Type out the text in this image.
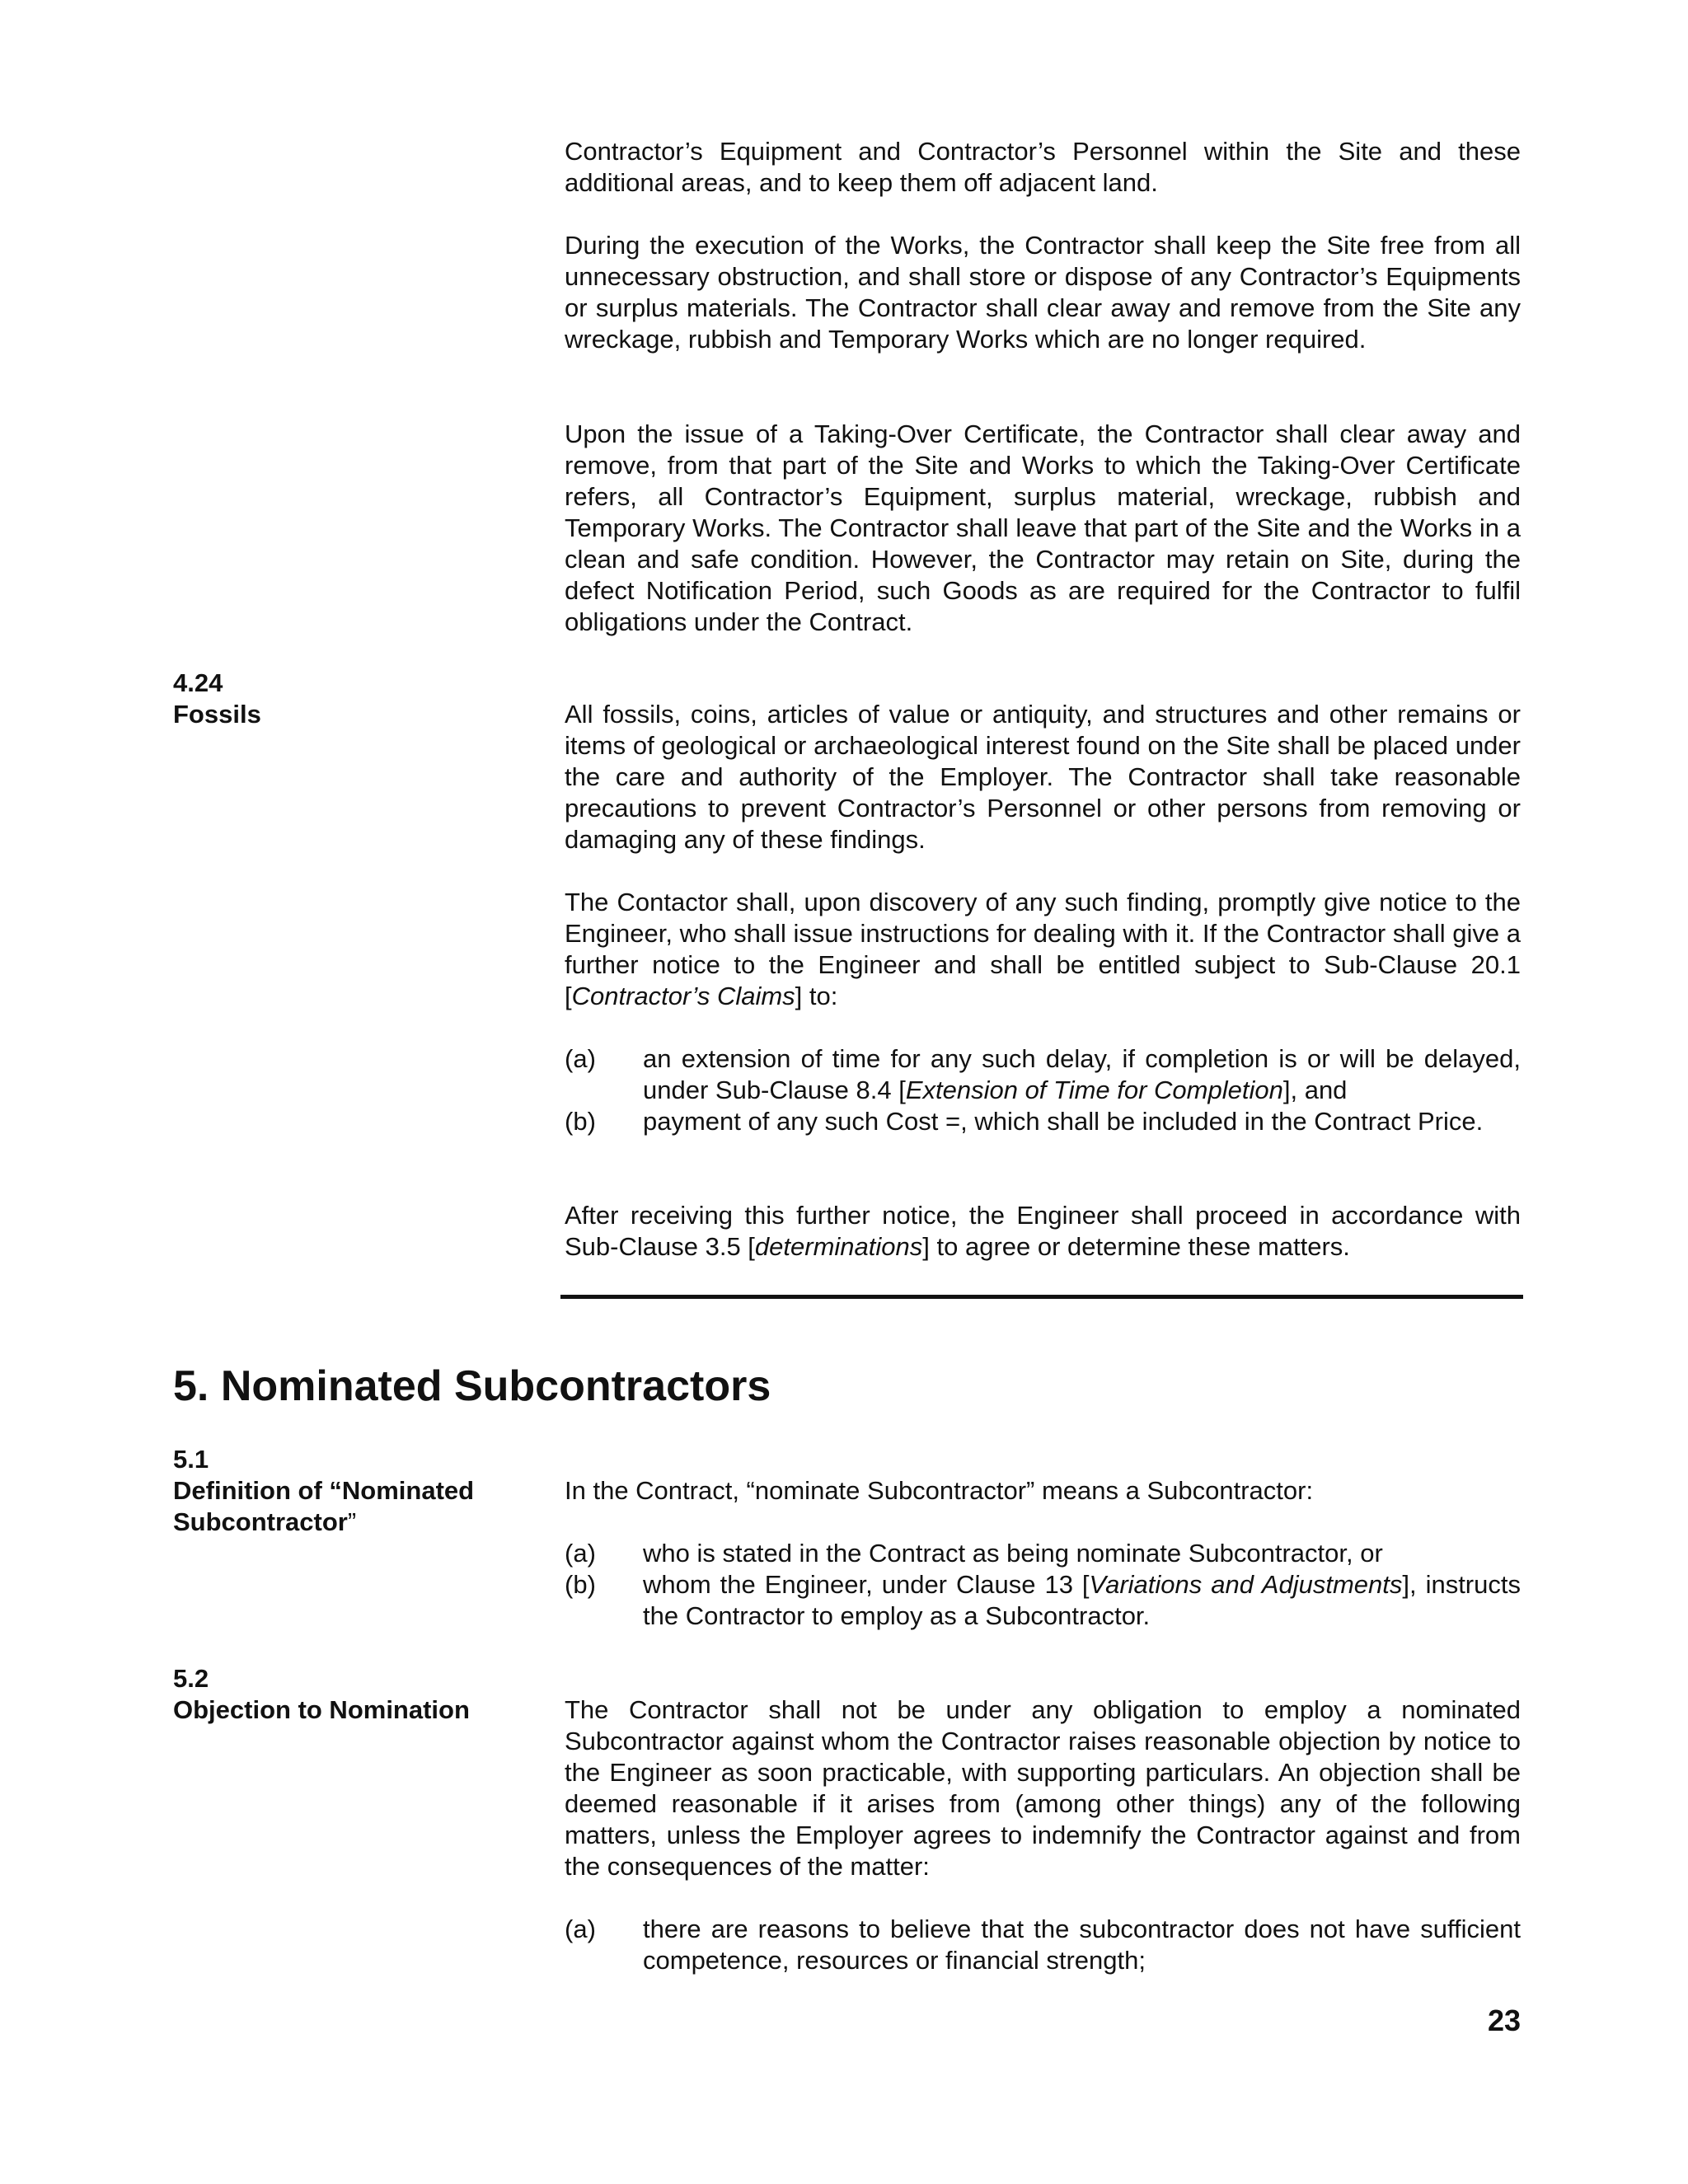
Contractor’s Equipment and Contractor’s Personnel within the Site and these additional areas, and to keep them off adjacent land.

During the execution of the Works, the Contractor shall keep the Site free from all unnecessary obstruction, and shall store or dispose of any Contractor’s Equipments or surplus materials. The Contractor shall clear away and remove from the Site any wreckage, rubbish and Temporary Works which are no longer required.

Upon the issue of a Taking-Over Certificate, the Contractor shall clear away and remove, from that part of the Site and Works to which the Taking-Over Certificate refers, all Contractor’s Equipment, surplus material, wreckage, rubbish and Temporary Works. The Contractor shall leave that part of the Site and the Works in a clean and safe condition. However, the Contractor may retain on Site, during the defect Notification Period, such Goods as are required for the Contractor to fulfil obligations under the Contract.

4.24
Fossils	All fossils, coins, articles of value or antiquity, and structures and other remains or items of geological or archaeological interest found on the Site shall be placed under the care and authority of the Employer. The Contractor shall take reasonable precautions to prevent Contractor’s Personnel or other persons from removing or damaging any of these findings.

The Contactor shall, upon discovery of any such finding, promptly give notice to the Engineer, who shall issue instructions for dealing with it. If the Contractor shall give a further notice to the Engineer and shall be entitled subject to Sub-Clause 20.1 [Contractor’s Claims] to:

(a) an extension of time for any such delay, if completion is or will be delayed, under Sub-Clause 8.4 [Extension of Time for Completion], and
(b) payment of any such Cost =, which shall be included in the Contract Price.

After receiving this further notice, the Engineer shall proceed in accordance with Sub-Clause 3.5 [determinations] to agree or determine these matters.

5. Nominated Subcontractors
5.1
Definition of “Nominated
Subcontractor”

In the Contract, “nominate Subcontractor” means a Subcontractor:

(a) who is stated in the Contract as being nominate Subcontractor, or
(b) whom the Engineer, under Clause 13 [Variations and Adjustments], instructs the Contractor to employ as a Subcontractor.
5.2
Objection to Nomination	The Contractor shall not be under any obligation to employ a nominated Subcontractor against whom the Contractor raises reasonable objection by notice to the Engineer as soon practicable, with supporting particulars. An objection shall be deemed reasonable if it arises from (among other things) any of the following matters, unless the Employer agrees to indemnify the Contractor against and from the consequences of the matter:

(a) there are reasons to believe that the subcontractor does not have sufficient competence, resources or financial strength;
23
